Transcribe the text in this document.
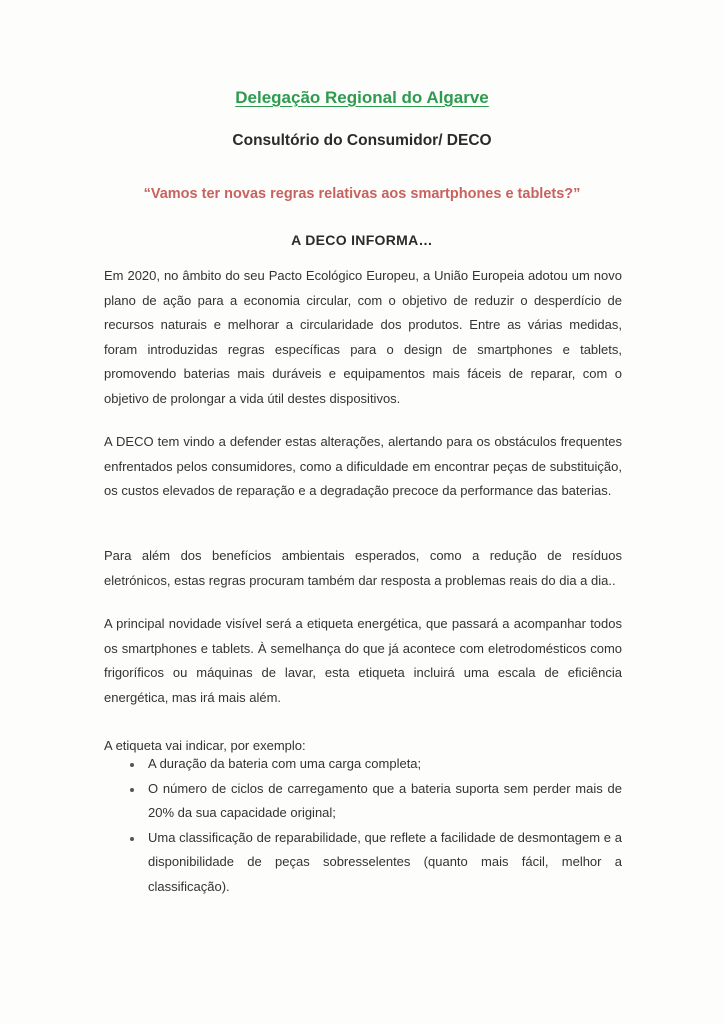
Delegação Regional do Algarve
Consultório do Consumidor/ DECO
“Vamos ter novas regras relativas aos smartphones e tablets?”
A DECO INFORMA…

Em 2020, no âmbito do seu Pacto Ecológico Europeu, a União Europeia adotou um novo plano de ação para a economia circular, com o objetivo de reduzir o desperdício de recursos naturais e melhorar a circularidade dos produtos. Entre as várias medidas, foram introduzidas regras específicas para o design de smartphones e tablets, promovendo baterias mais duráveis e equipamentos mais fáceis de reparar, com o objetivo de prolongar a vida útil destes dispositivos.

A DECO tem vindo a defender estas alterações, alertando para os obstáculos frequentes enfrentados pelos consumidores, como a dificuldade em encontrar peças de substituição, os custos elevados de reparação e a degradação precoce da performance das baterias.

Para além dos benefícios ambientais esperados, como a redução de resíduos eletrónicos, estas regras procuram também dar resposta a problemas reais do dia a dia..

A principal novidade visível será a etiqueta energética, que passará a acompanhar todos os smartphones e tablets. À semelhança do que já acontece com eletrodomésticos como frigoríficos ou máquinas de lavar, esta etiqueta incluirá uma escala de eficiência energética, mas irá mais além.

A etiqueta vai indicar, por exemplo:

A duração da bateria com uma carga completa;
O número de ciclos de carregamento que a bateria suporta sem perder mais de 20% da sua capacidade original;
Uma classificação de reparabilidade, que reflete a facilidade de desmontagem e a disponibilidade de peças sobresselentes (quanto mais fácil, melhor a classificação).
